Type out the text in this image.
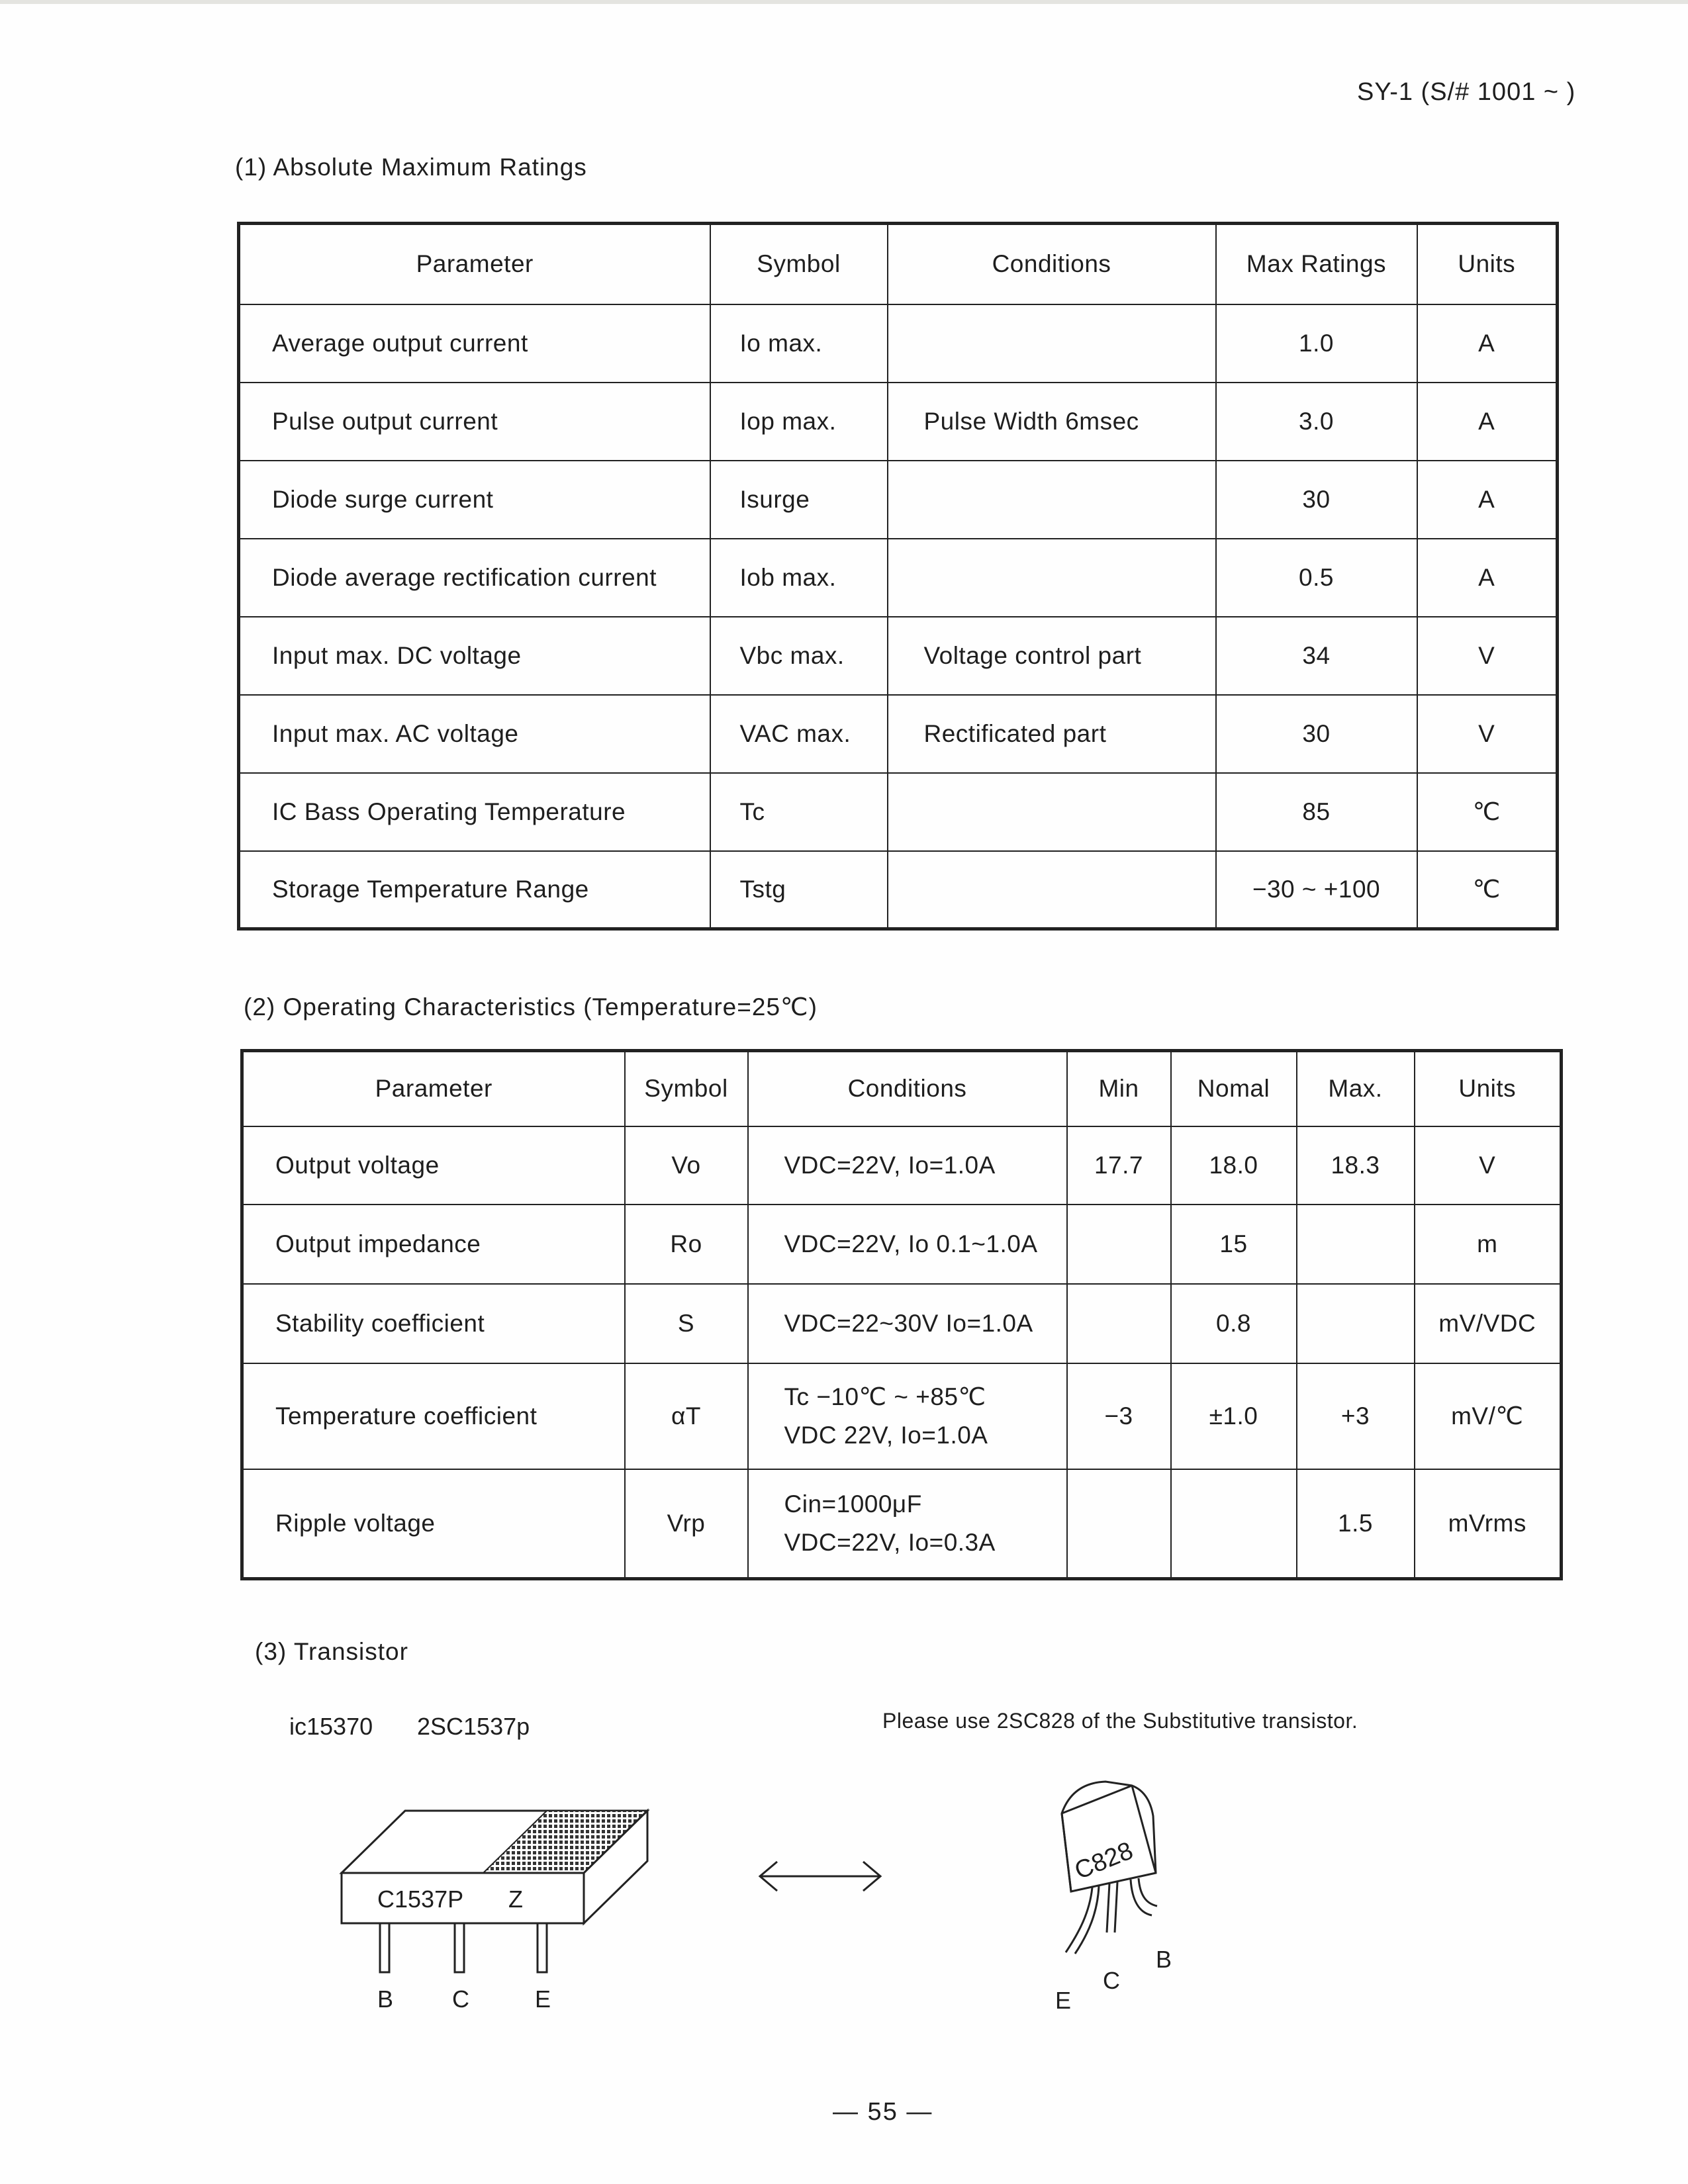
SY-1 (S/# 1001 ~ )
(1) Absolute Maximum Ratings
Parameter	Symbol	Conditions	Max Ratings	Units
Average output current	Io max.		1.0	A
Pulse output current	Iop max.	Pulse Width 6msec	3.0	A
Diode surge current	Isurge		30	A
Diode average rectification current	Iob max.		0.5	A
Input max. DC voltage	Vbc max.	Voltage control part	34	V
Input max. AC voltage	VAC max.	Rectificated part	30	V
IC Bass Operating Temperature	Tc		85	℃
Storage Temperature Range	Tstg		−30 ~ +100	℃
(2) Operating Characteristics (Temperature=25℃)
Parameter	Symbol	Conditions	Min	Nomal	Max.	Units
Output voltage	Vo	VDC=22V, Io=1.0A	17.7	18.0	18.3	V
Output impedance	Ro	VDC=22V, Io 0.1~1.0A		15		m
Stability coefficient	S	VDC=22~30V Io=1.0A		0.8		mV/VDC
Temperature coefficient	αT	Tc −10℃ ~ +85℃
VDC 22V, Io=1.0A	−3	±1.0	+3	mV/℃
Ripple voltage	Vrp	Cin=1000μF
VDC=22V, Io=0.3A			1.5	mVrms
(3) Transistor
ic15370 2SC1537p	Please use 2SC828 of the Substitutive transistor.
C1537P Z
B C	E
C828
E
C
B
— 55 —
